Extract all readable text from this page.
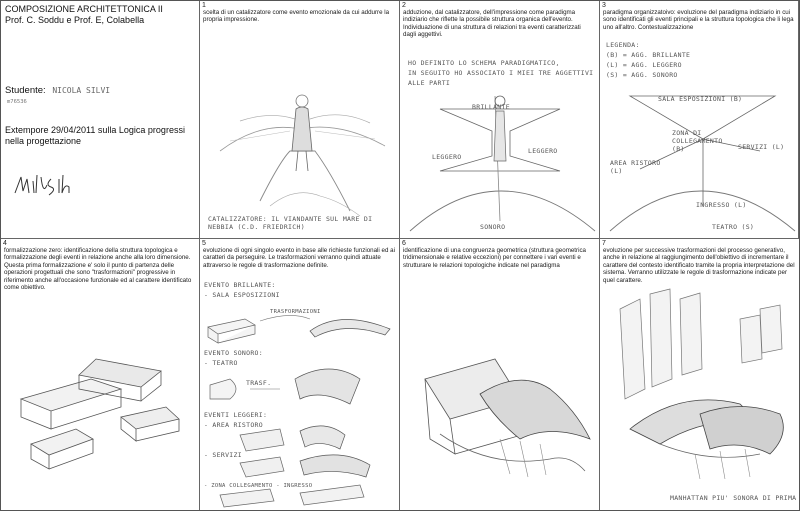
COMPOSIZIONE ARCHITETTONICA II
Prof. C. Soddu e Prof. E, Colabella
Studente: NICOLA SILVI
m76536
Extempore 29/04/2011 sulla Logica progressi nella progettazione
1
scelta di un catalizzatore come evento emozionale da cui addurre la propria impressione.
CATALIZZATORE: IL VIANDANTE SUL MARE DI NEBBIA (C.D. FRIEDRICH)
2
adduzione, dal catalizzatore, dell'impressione come paradigma indiziario che riflette la possibile struttura organica dell'evento. Individuazione di una struttura di relazioni tra eventi caratterizzati dagli aggettivi.
HO DEFINITO LO SCHEMA PARADIGMATICO,
IN SEGUITO HO ASSOCIATO I MIEI TRE AGGETTIVI
ALLE PARTI
BRILLANTE
LEGGERO
LEGGERO
SONORO
3
paradigma organizzatoivo: evoluzione del paradigma indiziario in cui sono identificati gli eventi principali e la struttura topologica che li lega uno all'altro. Contestualizzazione
LEGENDA:
(B) = AGG. BRILLANTE
(L) = AGG. LEGGERO
(S) = AGG. SONORO
SALA ESPOSIZIONI (B)
ZONA DI COLLEGAMENTO (B)
AREA RISTORO (L)
SERVIZI (L)
INGRESSO (L)
TEATRO (S)
4
formalizzazione zero: identificazione della struttura topologica e formalizzazione degli eventi in relazione anche alla loro dimensione. Questa prima formalizzazione e' solo il punto di partenza delle operazioni progettuali che sono "trasformazioni" progressive in riferimento anche all'occasione funzionale ed al carattere identificato come obiettivo.
5
evoluzione di ogni singolo evento in base alle richieste funzionali ed ai caratteri da perseguire. Le trasformazioni verranno quindi attuate attraverso le regole di trasformazione definite.
EVENTO BRILLANTE:
- SALA ESPOSIZIONI
TRASFORMAZIONI
EVENTO SONORO:
- TEATRO
TRASF.
EVENTI LEGGERI:
- AREA RISTORO
- SERVIZI
- ZONA COLLEGAMENTO - INGRESSO
6
identificazione di una congruenza geometrica (struttura geometrica tridimensionale e relative eccezioni) per connettere i vari eventi e strutturare le relazioni topologiche indicate nel paradigma
7
evoluzione per successive trasformazioni del processo generativo, anche in relazione al raggiungimento dell'obiettivo di incrementare il carattere del contesto identificato tramite la propria interpretazione del sistema. Verranno utilizzate le regole di trasformazione indicate per quel carattere.
MANHATTAN PIU' SONORA DI PRIMA
